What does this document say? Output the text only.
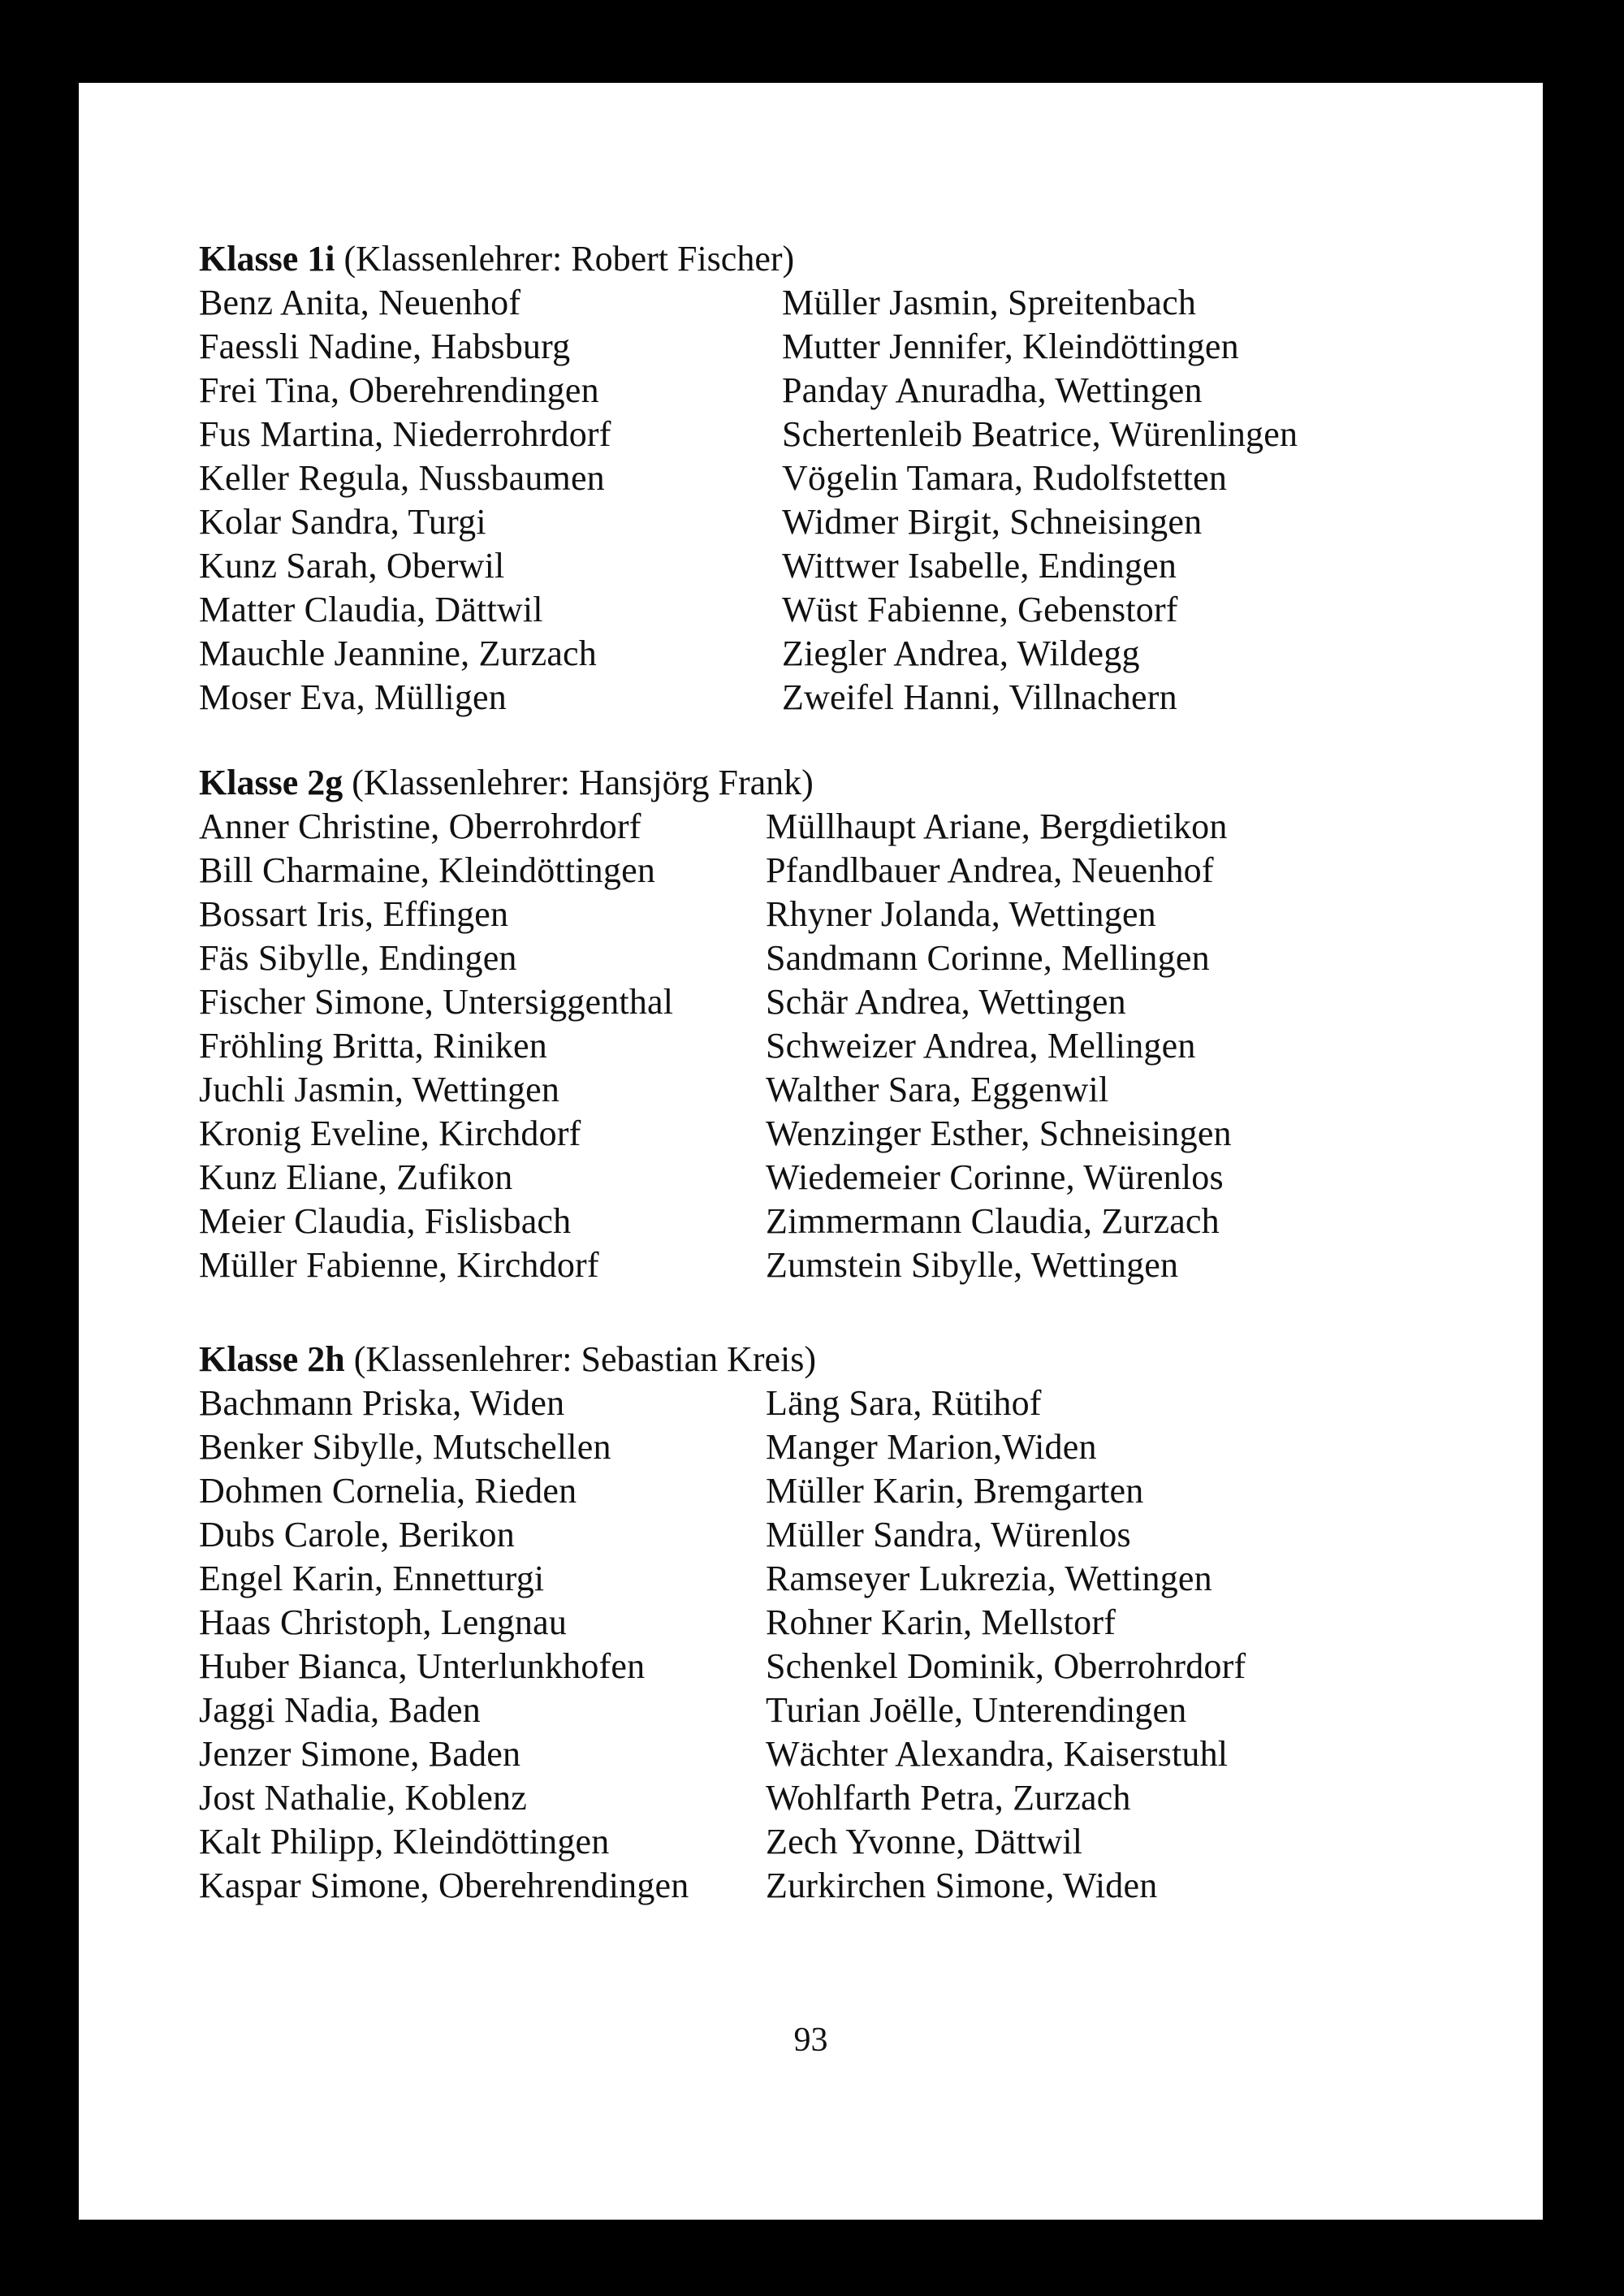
Klasse 1i (Klassenlehrer: Robert Fischer)
Benz Anita, Neuenhof
Faessli Nadine, Habsburg
Frei Tina, Oberehrendingen
Fus Martina, Niederrohrdorf
Keller Regula, Nussbaumen
Kolar Sandra, Turgi
Kunz Sarah, Oberwil
Matter Claudia, Dättwil
Mauchle Jeannine, Zurzach
Moser Eva, Mülligen
Müller Jasmin, Spreitenbach
Mutter Jennifer, Kleindöttingen
Panday Anuradha, Wettingen
Schertenleib Beatrice, Würenlingen
Vögelin Tamara, Rudolfstetten
Widmer Birgit, Schneisingen
Wittwer Isabelle, Endingen
Wüst Fabienne, Gebenstorf
Ziegler Andrea, Wildegg
Zweifel Hanni, Villnachern
Klasse 2g (Klassenlehrer: Hansjörg Frank)
Anner Christine, Oberrohrdorf
Bill Charmaine, Kleindöttingen
Bossart Iris, Effingen
Fäs Sibylle, Endingen
Fischer Simone, Untersiggenthal
Fröhling Britta, Riniken
Juchli Jasmin, Wettingen
Kronig Eveline, Kirchdorf
Kunz Eliane, Zufikon
Meier Claudia, Fislisbach
Müller Fabienne, Kirchdorf
Müllhaupt Ariane, Bergdietikon
Pfandlbauer Andrea, Neuenhof
Rhyner Jolanda, Wettingen
Sandmann Corinne, Mellingen
Schär Andrea, Wettingen
Schweizer Andrea, Mellingen
Walther Sara, Eggenwil
Wenzinger Esther, Schneisingen
Wiedemeier Corinne, Würenlos
Zimmermann Claudia, Zurzach
Zumstein Sibylle, Wettingen
Klasse 2h (Klassenlehrer: Sebastian Kreis)
Bachmann Priska, Widen
Benker Sibylle, Mutschellen
Dohmen Cornelia, Rieden
Dubs Carole, Berikon
Engel Karin, Ennetturgi
Haas Christoph, Lengnau
Huber Bianca, Unterlunkhofen
Jaggi Nadia, Baden
Jenzer Simone, Baden
Jost Nathalie, Koblenz
Kalt Philipp, Kleindöttingen
Kaspar Simone, Oberehrendingen
Läng Sara, Rütihof
Manger Marion,Widen
Müller Karin, Bremgarten
Müller Sandra, Würenlos
Ramseyer Lukrezia, Wettingen
Rohner Karin, Mellstorf
Schenkel Dominik, Oberrohrdorf
Turian Joëlle, Unterendingen
Wächter Alexandra, Kaiserstuhl
Wohlfarth Petra, Zurzach
Zech Yvonne, Dättwil
Zurkirchen Simone, Widen
93
